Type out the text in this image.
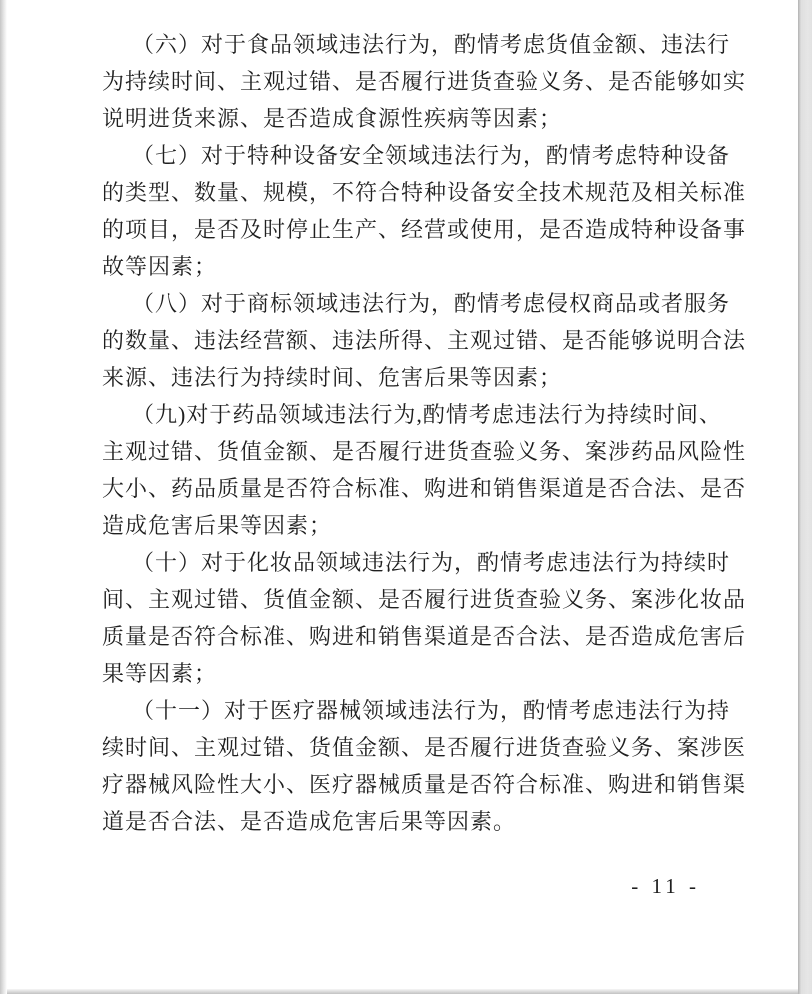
（六）对于食品领域违法行为，酌情考虑货值金额、违法行
为持续时间、主观过错、是否履行进货查验义务、是否能够如实
说明进货来源、是否造成食源性疾病等因素；
（七）对于特种设备安全领域违法行为，酌情考虑特种设备
的类型、数量、规模，不符合特种设备安全技术规范及相关标准
的项目，是否及时停止生产、经营或使用，是否造成特种设备事
故等因素；
（八）对于商标领域违法行为，酌情考虑侵权商品或者服务
的数量、违法经营额、违法所得、主观过错、是否能够说明合法
来源、违法行为持续时间、危害后果等因素；
（九)对于药品领域违法行为,酌情考虑违法行为持续时间、
主观过错、货值金额、是否履行进货查验义务、案涉药品风险性
大小、药品质量是否符合标准、购进和销售渠道是否合法、是否
造成危害后果等因素；
（十）对于化妆品领域违法行为，酌情考虑违法行为持续时
间、主观过错、货值金额、是否履行进货查验义务、案涉化妆品
质量是否符合标准、购进和销售渠道是否合法、是否造成危害后
果等因素；
（十一）对于医疗器械领域违法行为，酌情考虑违法行为持
续时间、主观过错、货值金额、是否履行进货查验义务、案涉医
疗器械风险性大小、医疗器械质量是否符合标准、购进和销售渠
道是否合法、是否造成危害后果等因素。
- 11 -
